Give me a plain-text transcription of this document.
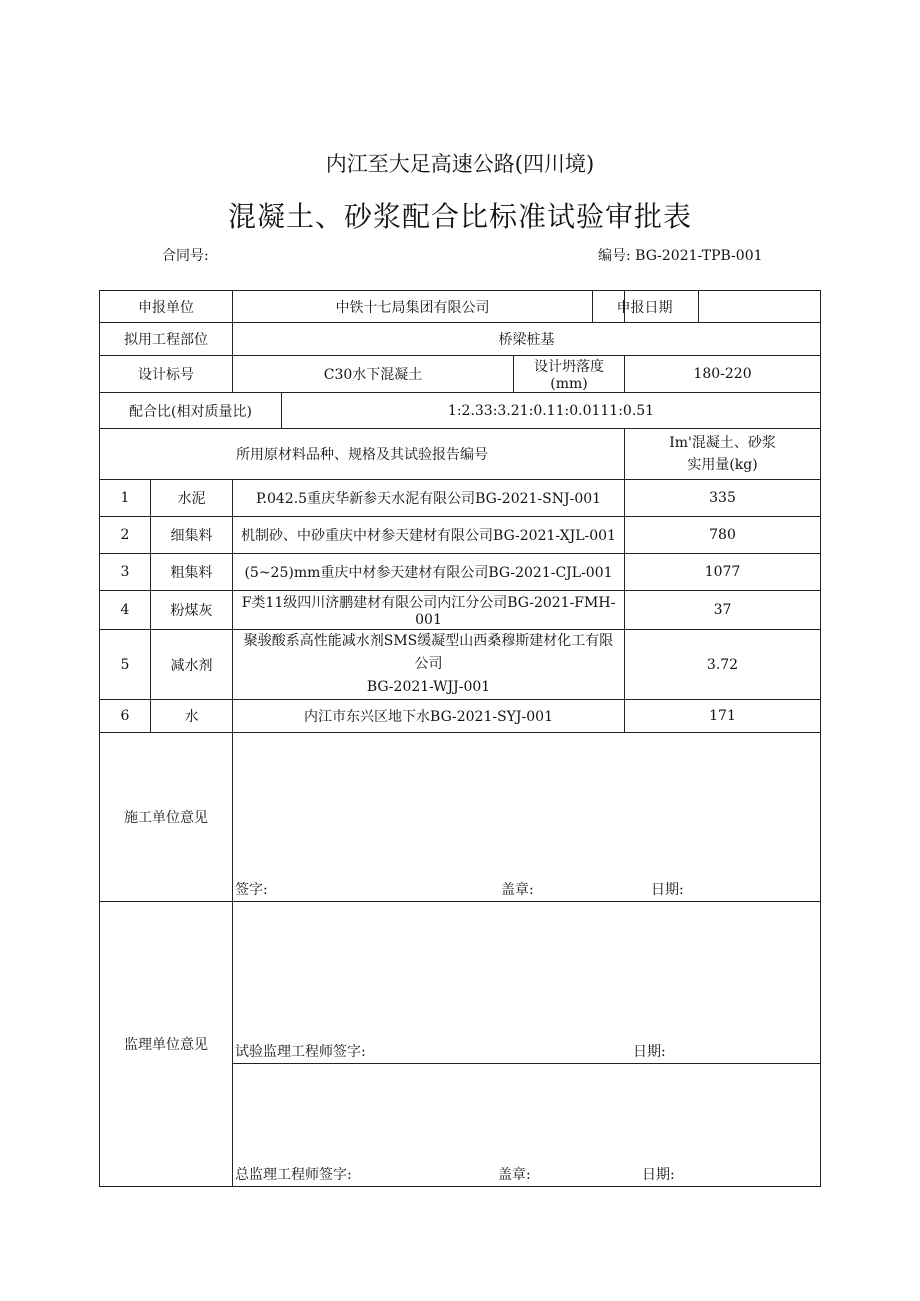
内江至大足高速公路(四川境)
混凝土、砂浆配合比标准试验审批表
合同号:	编号: BG-2021-TPB-001
申报单位		中铁十七局集团有限公司			申报日期

拟用工程部位		桥梁桩基			
设计标号		C30水下混凝土	设计坍落度(mm)		180-220

配合比(相对质量比) 1:2.33:3.21:0.11:0.0111:0.51					

所用原材料品种、规格及其试验报告编号					Im'混凝土、砂浆
实用量(kg)

1	水泥	P.042.5重庆华新参天水泥有限公司BG-2021-SNJ-001			335
2	细集料	机制砂、中砂重庆中材参天建材有限公司BG-2021-XJL-001			780
3	粗集料	(5~25)mm重庆中材参天建材有限公司BG-2021-CJL-001			1077
4	粉煤灰	F类11级四川济鹏建材有限公司内江分公司BG-2021-FMH-001			37
5	减水剂	聚骏酸系高性能减水剂SMS缓凝型山西桑穆斯建材化工有限公司
BG-2021-WJJ-001			3.72
6	水	内江市东兴区地下水BG-2021-SYJ-001			171
施工单位意见		签字: 盖章: 日期:			
监理单位意见		试验监理工程师签字: 日期:			
		总监理工程师签字: 盖章: 日期:			
